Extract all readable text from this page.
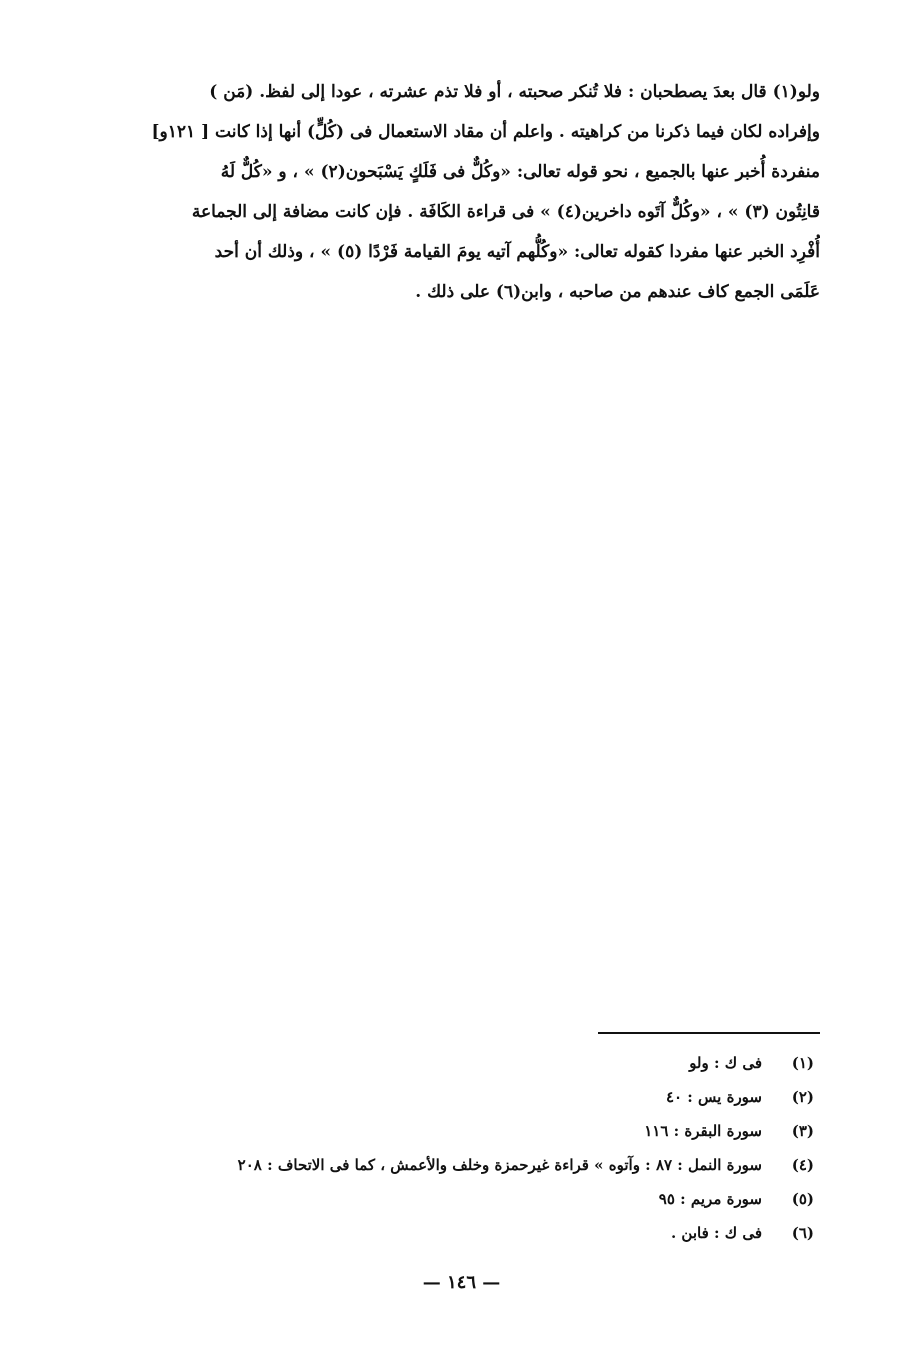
ولو(١) قال بعدَ يصطحبان : فلا تُنكر صحبته ، أو فلا تذم عشرته ، عودا إلى لفظ. (مَن )
وإفراده لكان فيما ذكرنا من كراهيته . واعلم أن مقاد الاستعمال فى (كُلٍّ) أنها إذا كانت [ ١٢١و]
منفردة أُخبر عنها بالجميع ، نحو قوله تعالى: «وكُلٌّ فى فَلَكٍ يَسْبَحون(٢) » ، و «كُلٌّ لَهُ
قانِتُون (٣) » ، «وكُلٌّ آتَوه داخرين(٤) » فى قراءة الكَافَة . فإن كانت مضافة إلى الجماعة
أُفْرِد الخبر عنها مفردا كقوله تعالى: «وكُلُّهم آتيه يومَ القيامة فَرْدًا (٥) » ، وذلك أن أحد
عَلَمَى الجمع كاف عندهم من صاحبه ، وابن(٦) على ذلك .
(١)
فى ك : ولو
(٢)
سورة يس : ٤٠
(٣)
سورة البقرة : ١١٦
(٤)
سورة النمل : ٨٧ : وآتوه » قراءة غيرحمزة وخلف والأعمش ، كما فى الاتحاف : ٢٠٨
(٥)
سورة مريم : ٩٥
(٦)
فى ك : فابن .
— ١٤٦ —
